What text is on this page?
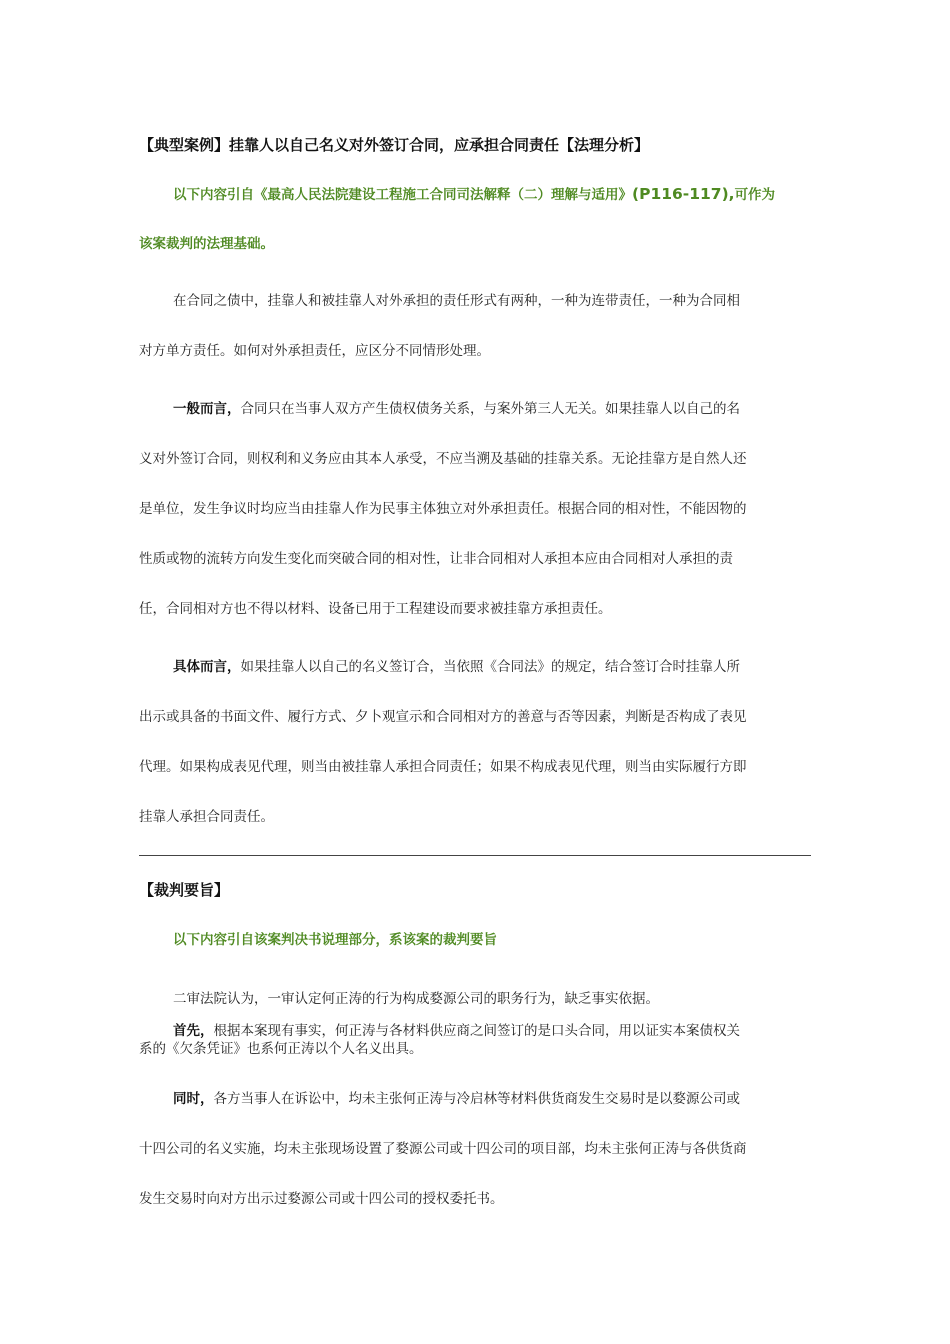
【典型案例】挂靠人以自己名义对外签订合同，应承担合同责任【法理分析】
以下内容引自《最高人民法院建设工程施工合同司法解释（二）理解与适用》(P116-117),可作为
该案裁判的法理基础。
在合同之债中，挂靠人和被挂靠人对外承担的责任形式有两种，一种为连带责任，一种为合同相
对方单方责任。如何对外承担责任，应区分不同情形处理。
一般而言，合同只在当事人双方产生债权债务关系，与案外第三人无关。如果挂靠人以自己的名
义对外签订合同，则权利和义务应由其本人承受，不应当溯及基础的挂靠关系。无论挂靠方是自然人还
是单位，发生争议时均应当由挂靠人作为民事主体独立对外承担责任。根据合同的相对性，不能因物的
性质或物的流转方向发生变化而突破合同的相对性，让非合同相对人承担本应由合同相对人承担的责
任，合同相对方也不得以材料、设备已用于工程建设而要求被挂靠方承担责任。
具体而言，如果挂靠人以自己的名义签订合，当依照《合同法》的规定，结合签订合时挂靠人所
出示或具备的书面文件、履行方式、夕卜观宣示和合同相对方的善意与否等因素，判断是否构成了表见
代理。如果构成表见代理，则当由被挂靠人承担合同责任；如果不构成表见代理，则当由实际履行方即
挂靠人承担合同责任。
【裁判要旨】
以下内容引自该案判决书说理部分，系该案的裁判要旨
二审法院认为，一审认定何正涛的行为构成婺源公司的职务行为，缺乏事实依据。
首先，根据本案现有事实，何正涛与各材料供应商之间签订的是口头合同，用以证实本案债权关
系的《欠条凭证》也系何正涛以个人名义出具。
同时，各方当事人在诉讼中，均未主张何正涛与冷启林等材料供货商发生交易时是以婺源公司或
十四公司的名义实施，均未主张现场设置了婺源公司或十四公司的项目部，均未主张何正涛与各供货商
发生交易时向对方出示过婺源公司或十四公司的授权委托书。
